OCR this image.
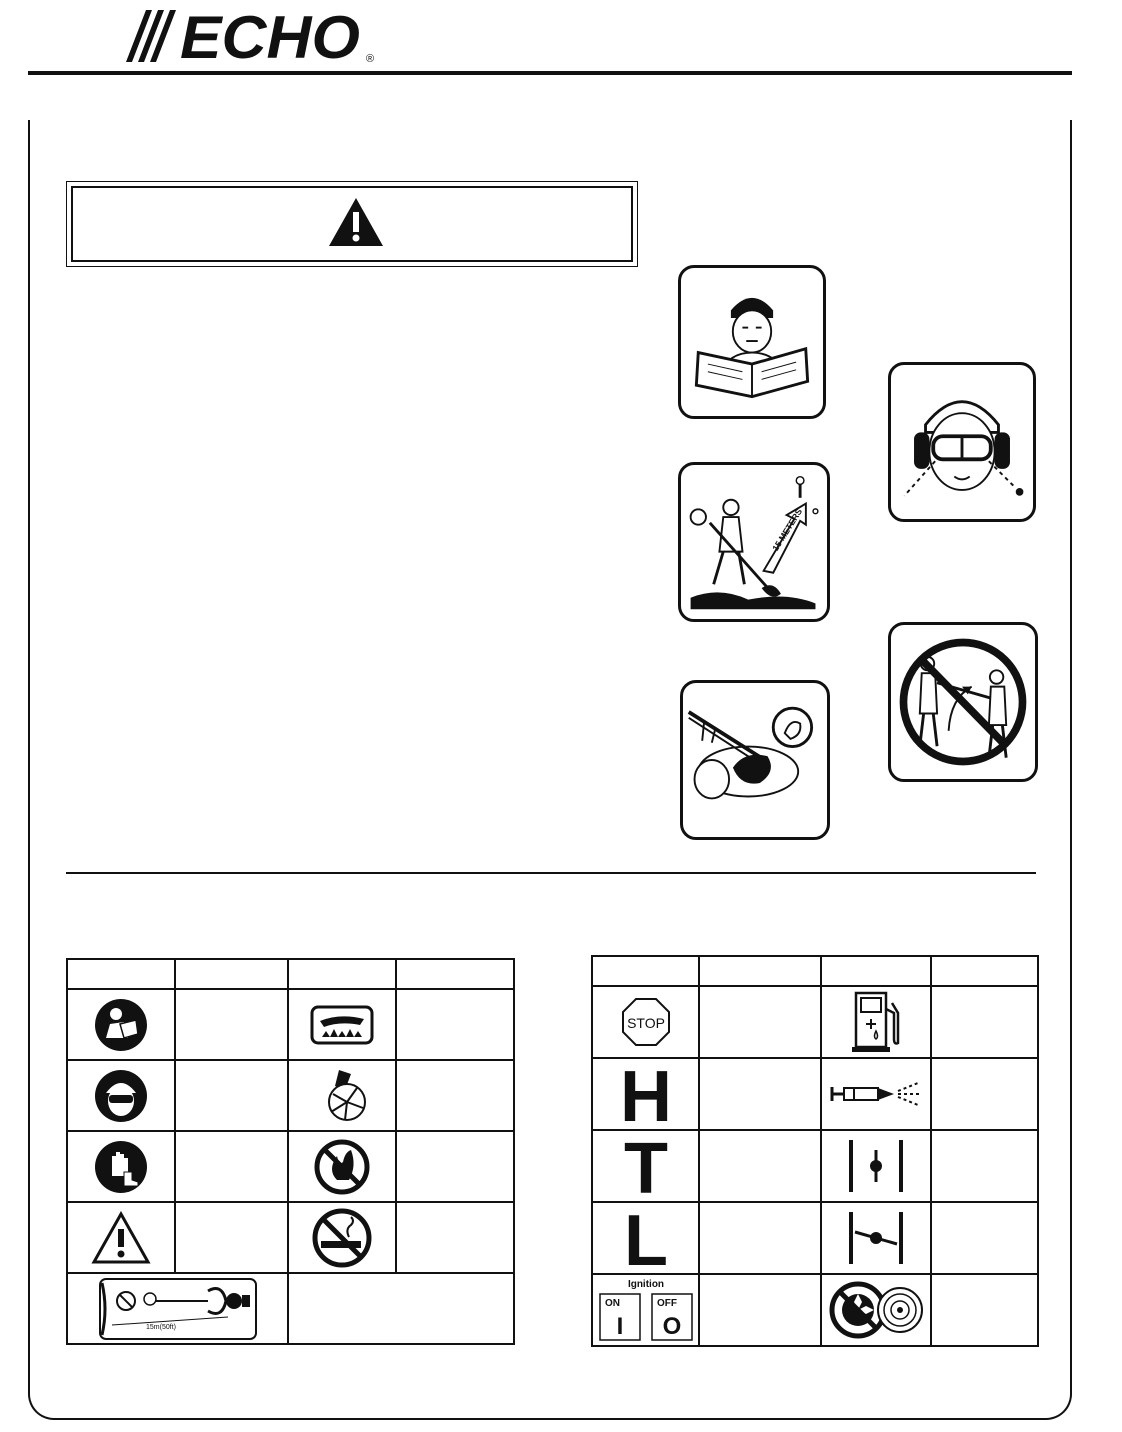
ECHO ®
15 METERS

15m(50ft)			

STOP

H

T

L

Ignition
ON OFF
I O
